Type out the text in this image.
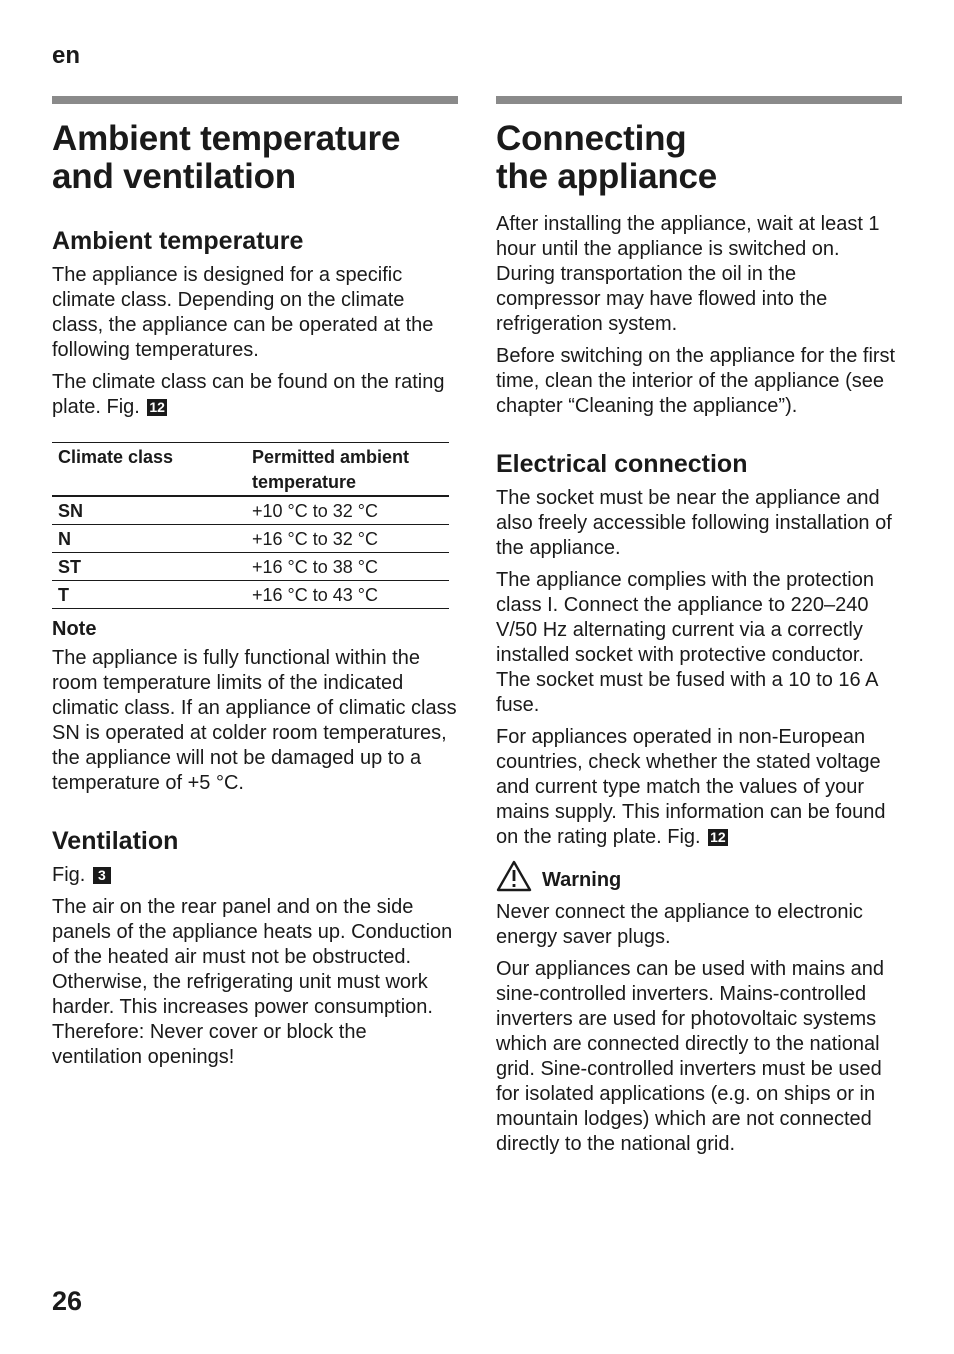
en
Ambient temperature
and ventilation
Ambient temperature

The appliance is designed for a specific climate class. Depending on the climate class, the appliance can be operated at the following temperatures.

The climate class can be found on the rating plate. Fig. 12

Climate class	Permitted ambient temperature
SN	+10 °C to 32 °C
N	+16 °C to 32 °C
ST	+16 °C to 38 °C
T	+16 °C to 43 °C
Note

The appliance is fully functional within the room temperature limits of the indicated climatic class. If an appliance of climatic class SN is operated at colder room temperatures, the appliance will not be damaged up to a temperature of +5 °C.

Ventilation

Fig. 3

The air on the rear panel and on the side panels of the appliance heats up. Conduction of the heated air must not be obstructed. Otherwise, the refrigerating unit must work harder. This increases power consumption. Therefore: Never cover or block the ventilation openings!

Connecting
the appliance

After installing the appliance, wait at least 1 hour until the appliance is switched on. During transportation the oil in the compressor may have flowed into the refrigeration system.

Before switching on the appliance for the first time, clean the interior of the appliance (see chapter “Cleaning the appliance”).

Electrical connection

The socket must be near the appliance and also freely accessible following installation of the appliance.

The appliance complies with the protection class I. Connect the appliance to 220–240 V/50 Hz alternating current via a correctly installed socket with protective conductor. The socket must be fused with a 10 to 16 A fuse.

For appliances operated in non-European countries, check whether the stated voltage and current type match the values of your mains supply. This information can be found on the rating plate. Fig. 12

Warning

Never connect the appliance to electronic energy saver plugs.

Our appliances can be used with mains and sine-controlled inverters. Mains-controlled inverters are used for photovoltaic systems which are connected directly to the national grid. Sine-controlled inverters must be used for isolated applications (e.g. on ships or in mountain lodges) which are not connected directly to the national grid.

26
